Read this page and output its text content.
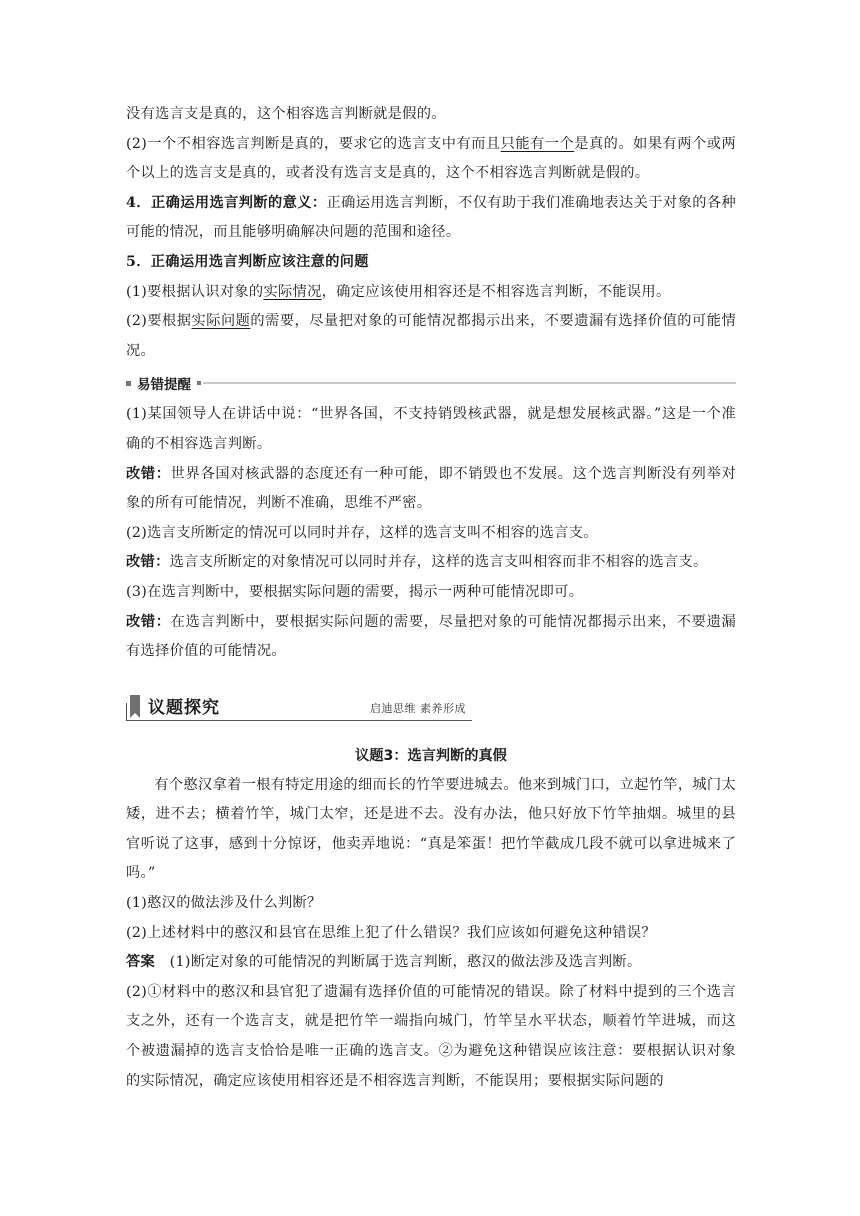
没有选言支是真的，这个相容选言判断就是假的。

(2)一个不相容选言判断是真的，要求它的选言支中有而且只能有一个是真的。如果有两个或两个以上的选言支是真的，或者没有选言支是真的，这个不相容选言判断就是假的。

4．正确运用选言判断的意义：正确运用选言判断，不仅有助于我们准确地表达关于对象的各种可能的情况，而且能够明确解决问题的范围和途径。

5．正确运用选言判断应该注意的问题

(1)要根据认识对象的实际情况，确定应该使用相容还是不相容选言判断，不能误用。

(2)要根据实际问题的需要，尽量把对象的可能情况都揭示出来，不要遗漏有选择价值的可能情况。

易错提醒

(1)某国领导人在讲话中说：“世界各国，不支持销毁核武器，就是想发展核武器。”这是一个准确的不相容选言判断。

改错：世界各国对核武器的态度还有一种可能，即不销毁也不发展。这个选言判断没有列举对象的所有可能情况，判断不准确，思维不严密。

(2)选言支所断定的情况可以同时并存，这样的选言支叫不相容的选言支。

改错：选言支所断定的对象情况可以同时并存，这样的选言支叫相容而非不相容的选言支。

(3)在选言判断中，要根据实际问题的需要，揭示一两种可能情况即可。

改错：在选言判断中，要根据实际问题的需要，尽量把对象的可能情况都揭示出来，不要遗漏有选择价值的可能情况。

议题探究	启迪思维 素养形成

议题3：选言判断的真假

有个憨汉拿着一根有特定用途的细而长的竹竿要进城去。他来到城门口，立起竹竿，城门太矮，进不去；横着竹竿，城门太窄，还是进不去。没有办法，他只好放下竹竿抽烟。城里的县官听说了这事，感到十分惊讶，他卖弄地说：“真是笨蛋！把竹竿截成几段不就可以拿进城来了吗。”

(1)憨汉的做法涉及什么判断？

(2)上述材料中的憨汉和县官在思维上犯了什么错误？我们应该如何避免这种错误？

答案 (1)断定对象的可能情况的判断属于选言判断，憨汉的做法涉及选言判断。

(2)①材料中的憨汉和县官犯了遗漏有选择价值的可能情况的错误。除了材料中提到的三个选言支之外，还有一个选言支，就是把竹竿一端指向城门，竹竿呈水平状态，顺着竹竿进城，而这个被遗漏掉的选言支恰恰是唯一正确的选言支。②为避免这种错误应该注意：要根据认识对象的实际情况，确定应该使用相容还是不相容选言判断，不能误用；要根据实际问题的
